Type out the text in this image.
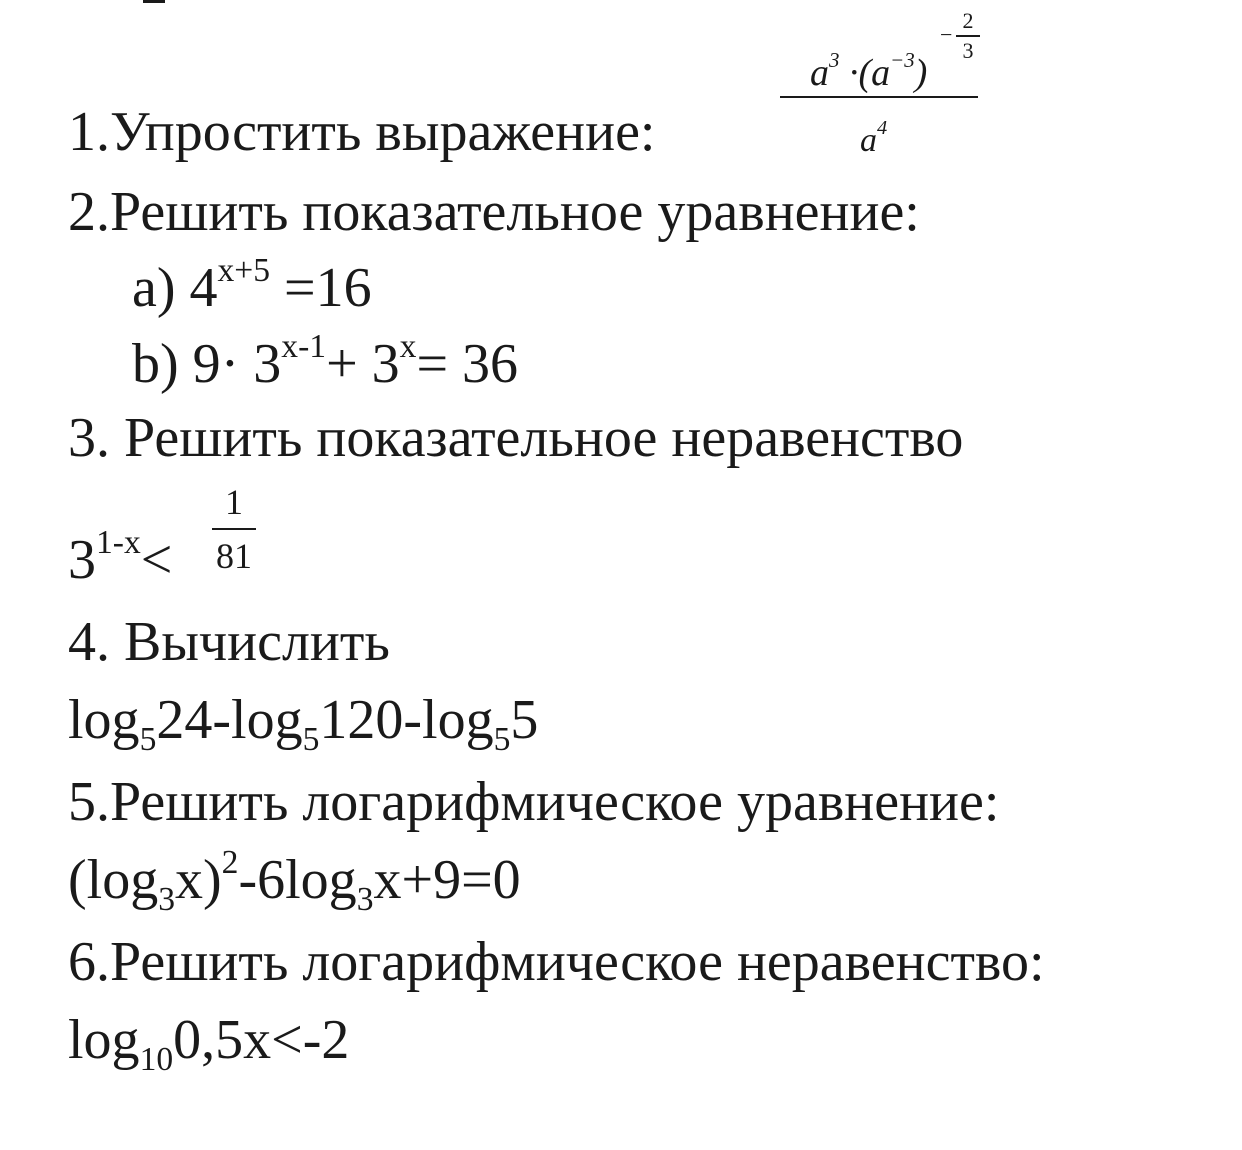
1.Упростить выражение:
−
2
3
$a^3 \cdot(a^{-3})$
$a^4$
2.Решить показательное уравнение:
а) $4^{x+5} =16$
b) $9\cdot 3^{x-1}+ 3^x= 36$
3. Решить показательное неравенство
$3^{1-x}<$
1
81
4. Вычислить
$\log_524-\log_5120-\log_55$
5.Решить логарифмическое уравнение:
$(\log_3x)^2-6\log_3x+9=0$
6.Решить логарифмическое неравенство:
$\log_{10}0,5x<-2$
